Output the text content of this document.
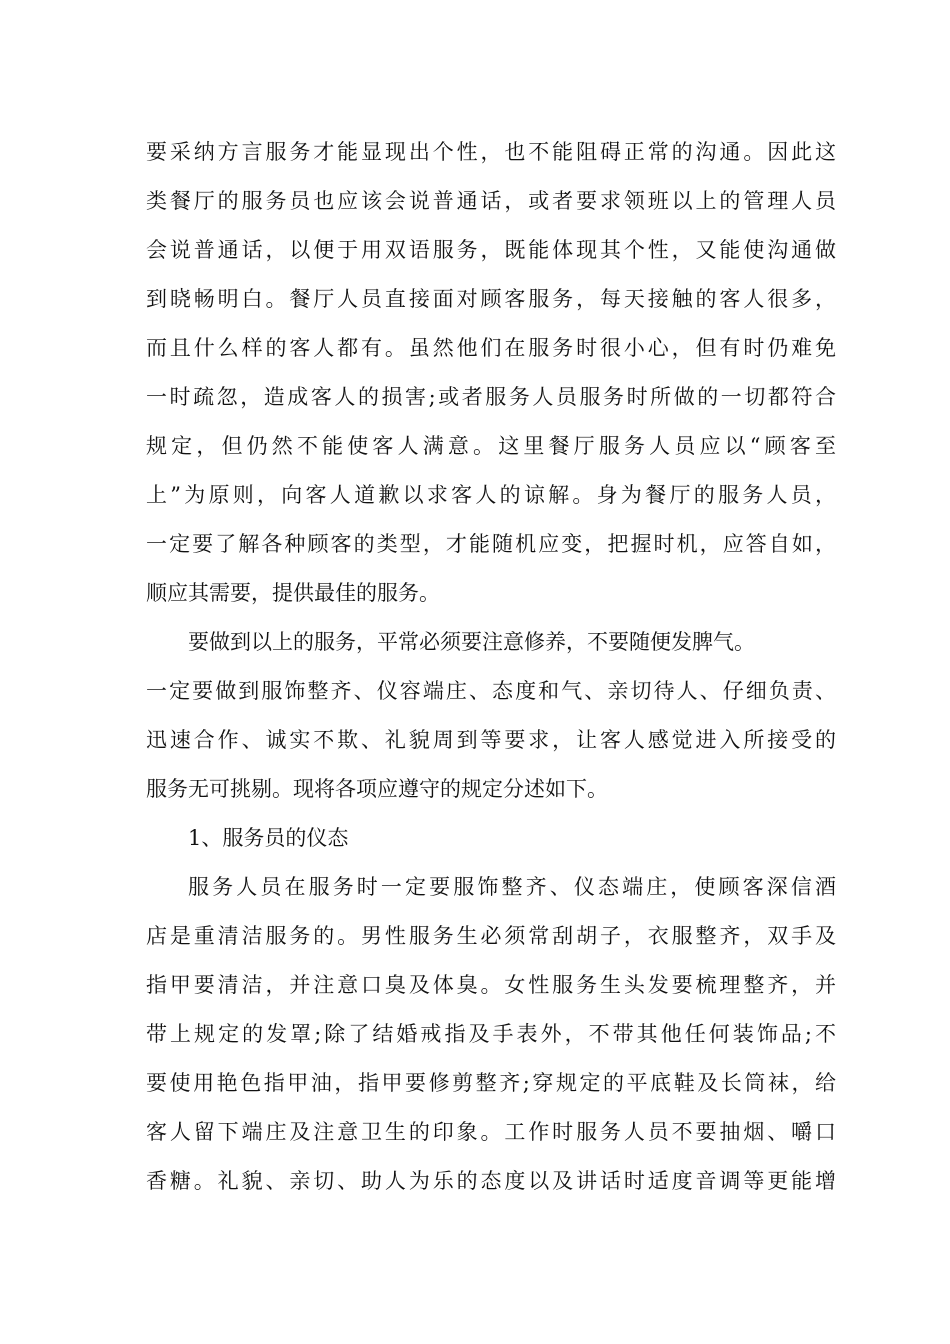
要采纳方言服务才能显现出个性，也不能阻碍正常的沟通。因此这
类餐厅的服务员也应该会说普通话，或者要求领班以上的管理人员
会说普通话，以便于用双语服务，既能体现其个性，又能使沟通做
到晓畅明白。餐厅人员直接面对顾客服务，每天接触的客人很多，
而且什么样的客人都有。虽然他们在服务时很小心，但有时仍难免
一时疏忽，造成客人的损害;或者服务人员服务时所做的一切都符合
规定，但仍然不能使客人满意。这里餐厅服务人员应以“顾客至
上”为原则，向客人道歉以求客人的谅解。身为餐厅的服务人员，
一定要了解各种顾客的类型，才能随机应变，把握时机，应答自如，
顺应其需要，提供最佳的服务。
要做到以上的服务，平常必须要注意修养，不要随便发脾气。
一定要做到服饰整齐、仪容端庄、态度和气、亲切待人、仔细负责、
迅速合作、诚实不欺、礼貌周到等要求，让客人感觉进入所接受的
服务无可挑剔。现将各项应遵守的规定分述如下。
1、服务员的仪态
服务人员在服务时一定要服饰整齐、仪态端庄，使顾客深信酒
店是重清洁服务的。男性服务生必须常刮胡子，衣服整齐，双手及
指甲要清洁，并注意口臭及体臭。女性服务生头发要梳理整齐，并
带上规定的发罩;除了结婚戒指及手表外，不带其他任何装饰品;不
要使用艳色指甲油，指甲要修剪整齐;穿规定的平底鞋及长筒袜，给
客人留下端庄及注意卫生的印象。工作时服务人员不要抽烟、嚼口
香糖。礼貌、亲切、助人为乐的态度以及讲话时适度音调等更能增
